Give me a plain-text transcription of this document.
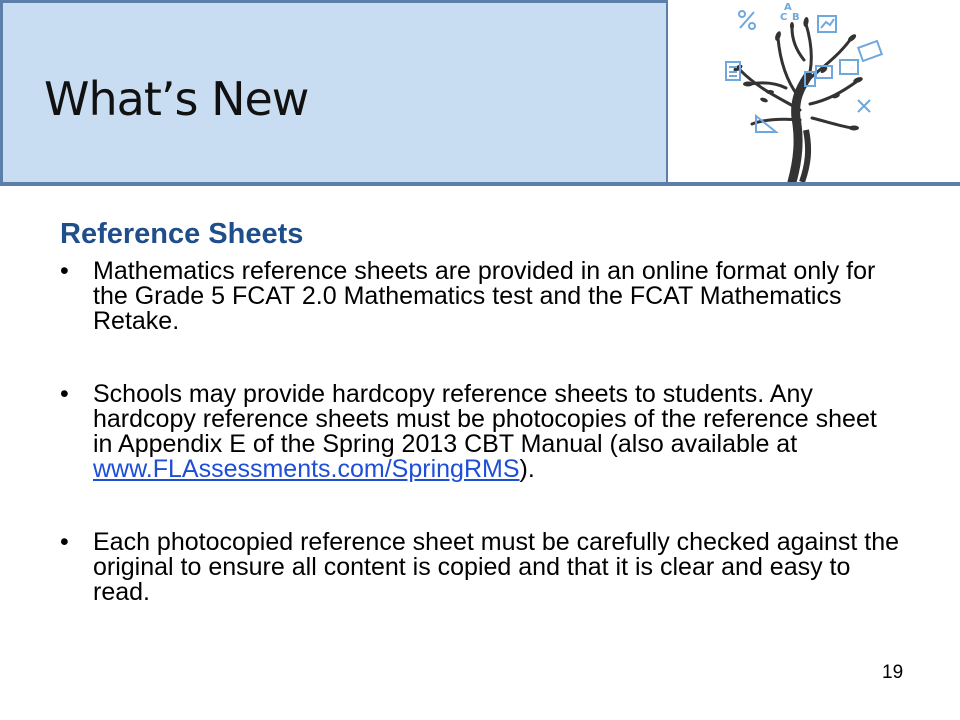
What’s New
A
C B
Reference Sheets
• Mathematics reference sheets are provided in an online format only for the Grade 5 FCAT 2.0 Mathematics test and the FCAT Mathematics Retake.
• Schools may provide hardcopy reference sheets to students. Any hardcopy reference sheets must be photocopies of the reference sheet in Appendix E of the Spring 2013 CBT Manual (also available at www.FLAssessments.com/SpringRMS).
• Each photocopied reference sheet must be carefully checked against the original to ensure all content is copied and that it is clear and easy to read.
19
